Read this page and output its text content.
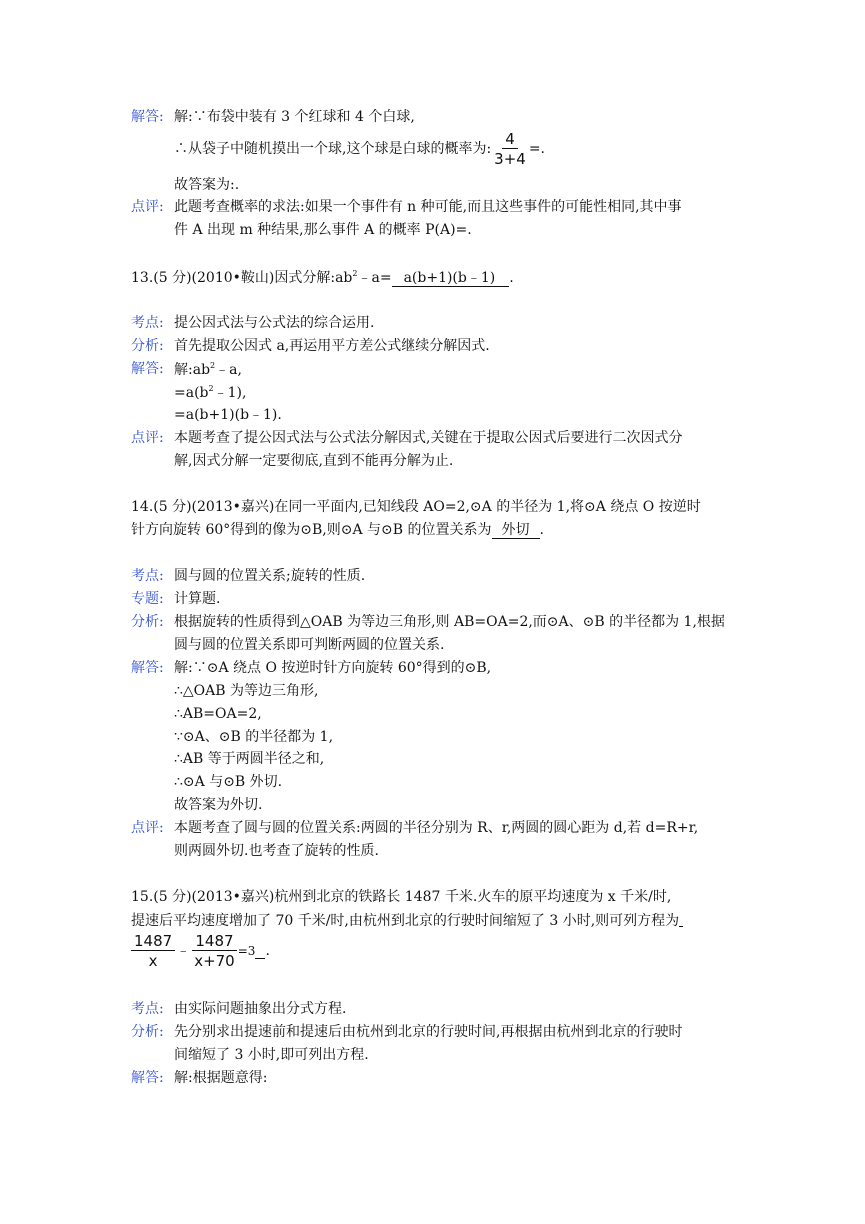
解答: 解:∵布袋中装有 3 个红球和 4 个白球,
∴从袋子中随机摸出一个球,这个球是白球的概率为: $\frac{4}{3+4}$ =.
故答案为:.
点评: 此题考查概率的求法:如果一个事件有 n 种可能,而且这些事件的可能性相同,其中事
件 A 出现 m 种结果,那么事件 A 的概率 P(A)=.
13.(5 分)(2010•鞍山)因式分解$:ab^2﹣a=$ a(b+1)(b﹣1) .
考点: 提公因式法与公式法的综合运用.
分析: 首先提取公因式 a,再运用平方差公式继续分解因式.
解答: 解$:ab^2﹣a$,
$=a(b^2﹣1)$,
=a(b+1)(b﹣1).
点评: 本题考查了提公因式法与公式法分解因式,关键在于提取公因式后要进行二次因式分
解,因式分解一定要彻底,直到不能再分解为止.
14.(5 分)(2013•嘉兴)在同一平面内,已知线段 AO=2,⊙A 的半径为 1,将⊙A 绕点 O 按逆时
针方向旋转 60°得到的像为⊙B,则⊙A 与⊙B 的位置关系为 外切 .
考点: 圆与圆的位置关系;旋转的性质.
专题: 计算题.
分析: 根据旋转的性质得到△OAB 为等边三角形,则 AB=OA=2,而⊙A、⊙B 的半径都为 1,根据
圆与圆的位置关系即可判断两圆的位置关系.
解答: 解:∵⊙A 绕点 O 按逆时针方向旋转 60°得到的⊙B,
∴△OAB 为等边三角形,
∴AB=OA=2,
∵⊙A、⊙B 的半径都为 1,
∴AB 等于两圆半径之和,
∴⊙A 与⊙B 外切.
故答案为外切.
点评: 本题考查了圆与圆的位置关系:两圆的半径分别为 R、r,两圆的圆心距为 d,若 d=R+r,
则两圆外切.也考查了旋转的性质.
15.(5 分)(2013•嘉兴)杭州到北京的铁路长 1487 千米.火车的原平均速度为 x 千米/时,
提速后平均速度增加了 70 千米/时,由杭州到北京的行驶时间缩短了 3 小时,则可列方程为
$\frac{1487}{x}$ ﹣ $\frac{1487}{x+70} =3$ .
考点: 由实际问题抽象出分式方程.
分析: 先分别求出提速前和提速后由杭州到北京的行驶时间,再根据由杭州到北京的行驶时
间缩短了 3 小时,即可列出方程.
解答: 解:根据题意得:
